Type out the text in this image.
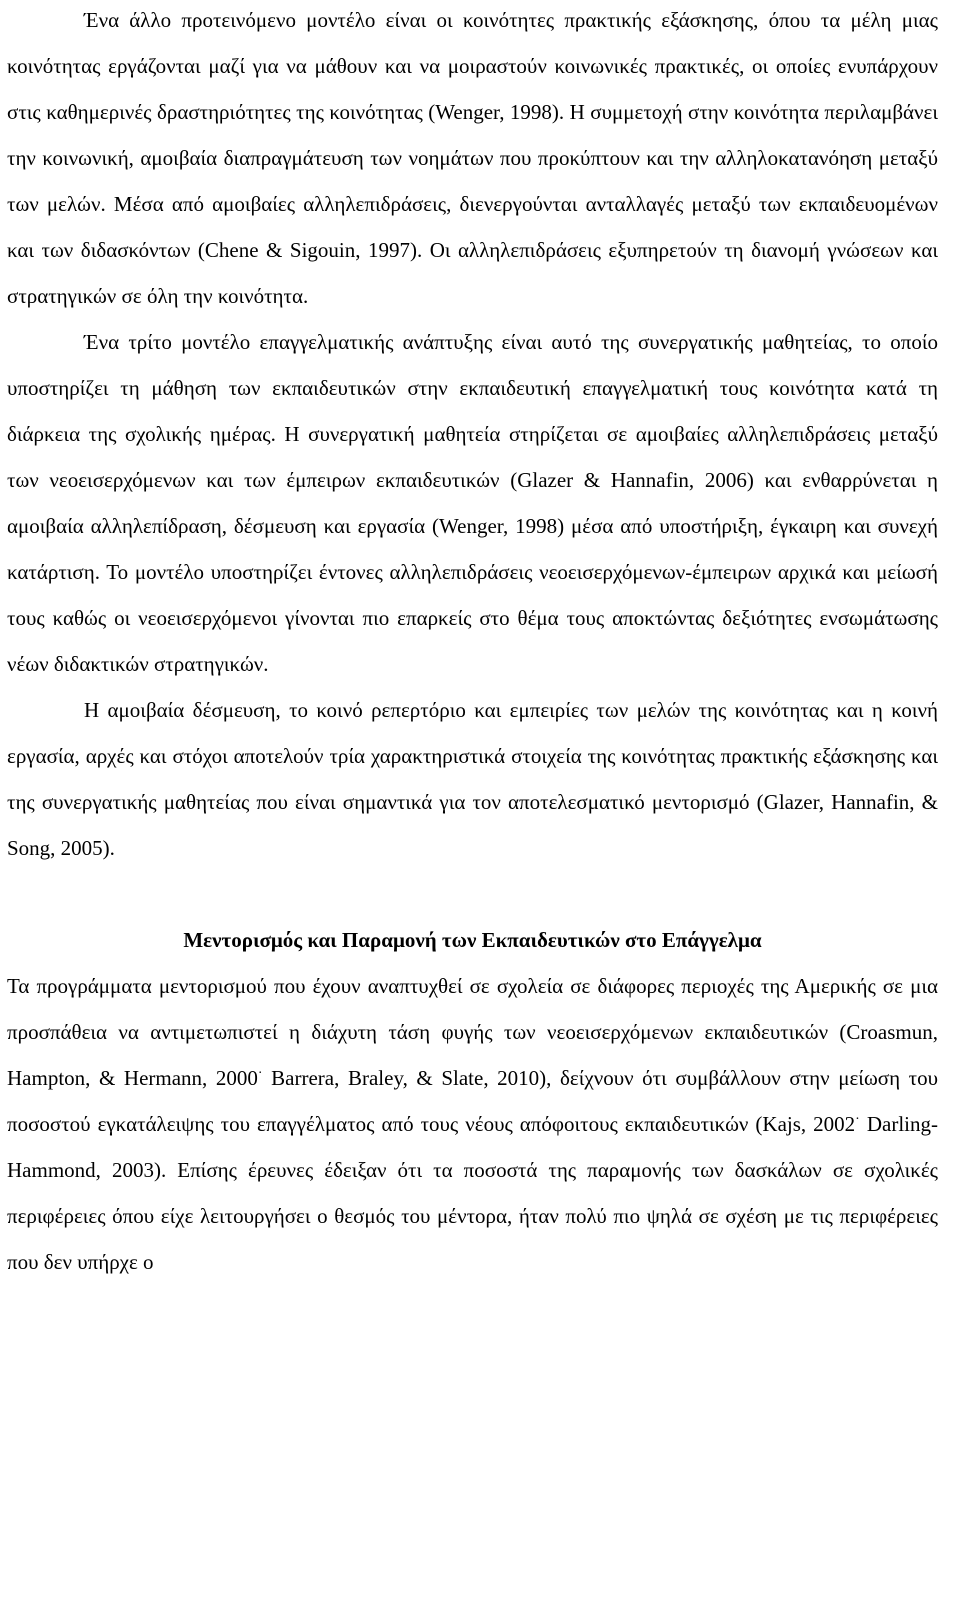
Ένα άλλο προτεινόμενο μοντέλο είναι οι κοινότητες πρακτικής εξάσκησης, όπου τα μέλη μιας κοινότητας εργάζονται μαζί για να μάθουν και να μοιραστούν κοινωνικές πρακτικές, οι οποίες ενυπάρχουν στις καθημερινές δραστηριότητες της κοινότητας (Wenger, 1998). Η συμμετοχή στην κοινότητα περιλαμβάνει την κοινωνική, αμοιβαία διαπραγμάτευση των νοημάτων που προκύπτουν και την αλληλοκατανόηση μεταξύ των μελών. Μέσα από αμοιβαίες αλληλεπιδράσεις, διενεργούνται ανταλλαγές μεταξύ των εκπαιδευομένων και των διδασκόντων (Chene & Sigouin, 1997). Οι αλληλεπιδράσεις εξυπηρετούν τη διανομή γνώσεων και στρατηγικών σε όλη την κοινότητα.

Ένα τρίτο μοντέλο επαγγελματικής ανάπτυξης είναι αυτό της συνεργατικής μαθητείας, το οποίο υποστηρίζει τη μάθηση των εκπαιδευτικών στην εκπαιδευτική επαγγελματική τους κοινότητα κατά τη διάρκεια της σχολικής ημέρας. Η συνεργατική μαθητεία στηρίζεται σε αμοιβαίες αλληλεπιδράσεις μεταξύ των νεοεισερχόμενων και των έμπειρων εκπαιδευτικών (Glazer & Hannafin, 2006) και ενθαρρύνεται η αμοιβαία αλληλεπίδραση, δέσμευση και εργασία (Wenger, 1998) μέσα από υποστήριξη, έγκαιρη και συνεχή κατάρτιση. Το μοντέλο υποστηρίζει έντονες αλληλεπιδράσεις νεοεισερχόμενων-έμπειρων αρχικά και μείωσή τους καθώς οι νεοεισερχόμενοι γίνονται πιο επαρκείς στο θέμα τους αποκτώντας δεξιότητες ενσωμάτωσης νέων διδακτικών στρατηγικών.

Η αμοιβαία δέσμευση, το κοινό ρεπερτόριο και εμπειρίες των μελών της κοινότητας και η κοινή εργασία, αρχές και στόχοι αποτελούν τρία χαρακτηριστικά στοιχεία της κοινότητας πρακτικής εξάσκησης και της συνεργατικής μαθητείας που είναι σημαντικά για τον αποτελεσματικό μεντορισμό (Glazer, Hannafin, & Song, 2005).

Μεντορισμός και Παραμονή των Εκπαιδευτικών στο Επάγγελμα

Τα προγράμματα μεντορισμού που έχουν αναπτυχθεί σε σχολεία σε διάφορες περιοχές της Αμερικής σε μια προσπάθεια να αντιμετωπιστεί η διάχυτη τάση φυγής των νεοεισερχόμενων εκπαιδευτικών (Croasmun, Hampton, & Hermann, 2000· Barrera, Braley, & Slate, 2010), δείχνουν ότι συμβάλλουν στην μείωση του ποσοστού εγκατάλειψης του επαγγέλματος από τους νέους απόφοιτους εκπαιδευτικών (Kajs, 2002· Darling-Hammond, 2003). Επίσης έρευνες έδειξαν ότι τα ποσοστά της παραμονής των δασκάλων σε σχολικές περιφέρειες όπου είχε λειτουργήσει ο θεσμός του μέντορα, ήταν πολύ πιο ψηλά σε σχέση με τις περιφέρειες που δεν υπήρχε ο
